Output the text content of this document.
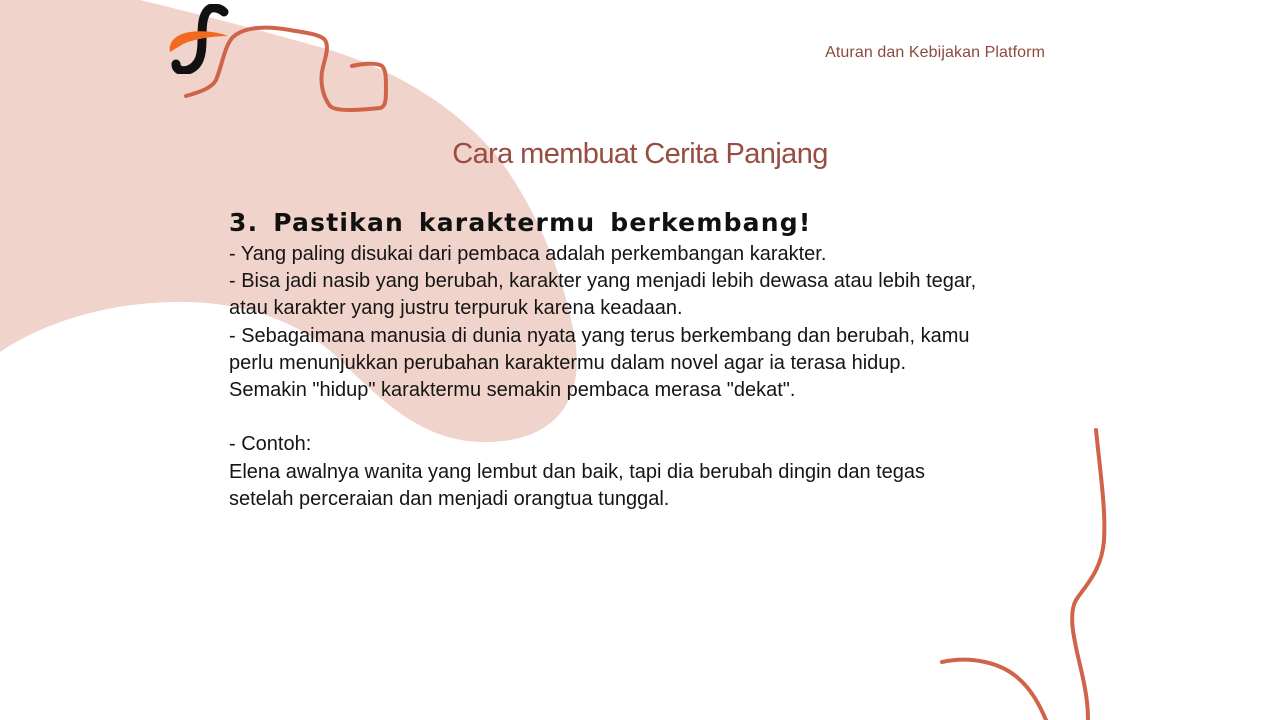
Aturan dan Kebijakan Platform
Cara membuat Cerita Panjang
3. Pastikan karaktermu berkembang!

- Yang paling disukai dari pembaca adalah perkembangan karakter.

- Bisa jadi nasib yang berubah, karakter yang menjadi lebih dewasa atau lebih tegar,

atau karakter yang justru terpuruk karena keadaan.

- Sebagaimana manusia di dunia nyata yang terus berkembang dan berubah, kamu

perlu menunjukkan perubahan karaktermu dalam novel agar ia terasa hidup.

Semakin "hidup" karaktermu semakin pembaca merasa "dekat".

- Contoh:

Elena awalnya wanita yang lembut dan baik, tapi dia berubah dingin dan tegas

setelah perceraian dan menjadi orangtua tunggal.
